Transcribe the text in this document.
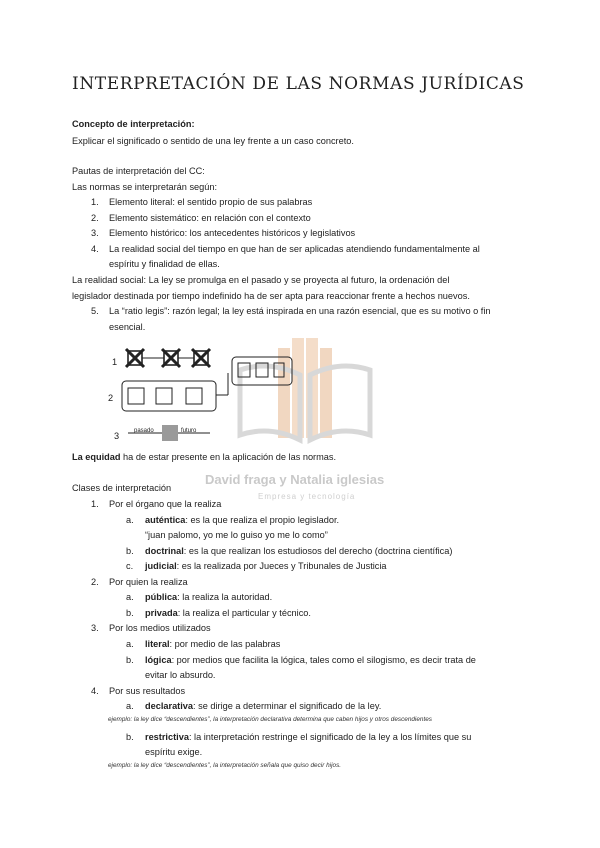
INTERPRETACIÓN DE LAS NORMAS JURÍDICAS
Concepto de interpretación:
Explicar el significado o sentido de una ley frente a un caso concreto.
Pautas de interpretación del CC:
Las normas se interpretarán según:
1. Elemento literal: el sentido propio de sus palabras
2. Elemento sistemático: en relación con el contexto
3. Elemento histórico: los antecedentes históricos y legislativos
4. La realidad social del tiempo en que han de ser aplicadas atendiendo fundamentalmente al
espíritu y finalidad de ellas.
La realidad social: La ley se promulga en el pasado y se proyecta al futuro, la ordenación del
legislador destinada por tiempo indefinido ha de ser apta para reaccionar frente a hechos nuevos.
5. La “ratio legis”: razón legal; la ley está inspirada en una razón esencial, que es su motivo o fin
esencial.
David fraga y Natalia iglesias
Empresa y tecnología
1
2
3 pasado	futuro
La equidad ha de estar presente en la aplicación de las normas.
Clases de interpretación
1. Por el órgano que la realiza
a. auténtica: es la que realiza el propio legislador.
“juan palomo, yo me lo guiso yo me lo como”
b. doctrinal: es la que realizan los estudiosos del derecho (doctrina científica)
c. judicial: es la realizada por Jueces y Tribunales de Justicia
2. Por quien la realiza
a. pública: la realiza la autoridad.
b. privada: la realiza el particular y técnico.
3. Por los medios utilizados
a. literal: por medio de las palabras
b. lógica: por medios que facilita la lógica, tales como el silogismo, es decir trata de
evitar lo absurdo.
4. Por sus resultados
a. declarativa: se dirige a determinar el significado de la ley.
ejemplo: la ley dice “descendientes”, la interpretación declarativa determina que caben hijos y otros descendientes
b. restrictiva: la interpretación restringe el significado de la ley a los límites que su
espíritu exige.
ejemplo: la ley dice “descendientes”, la interpretación señala que quiso decir hijos.
